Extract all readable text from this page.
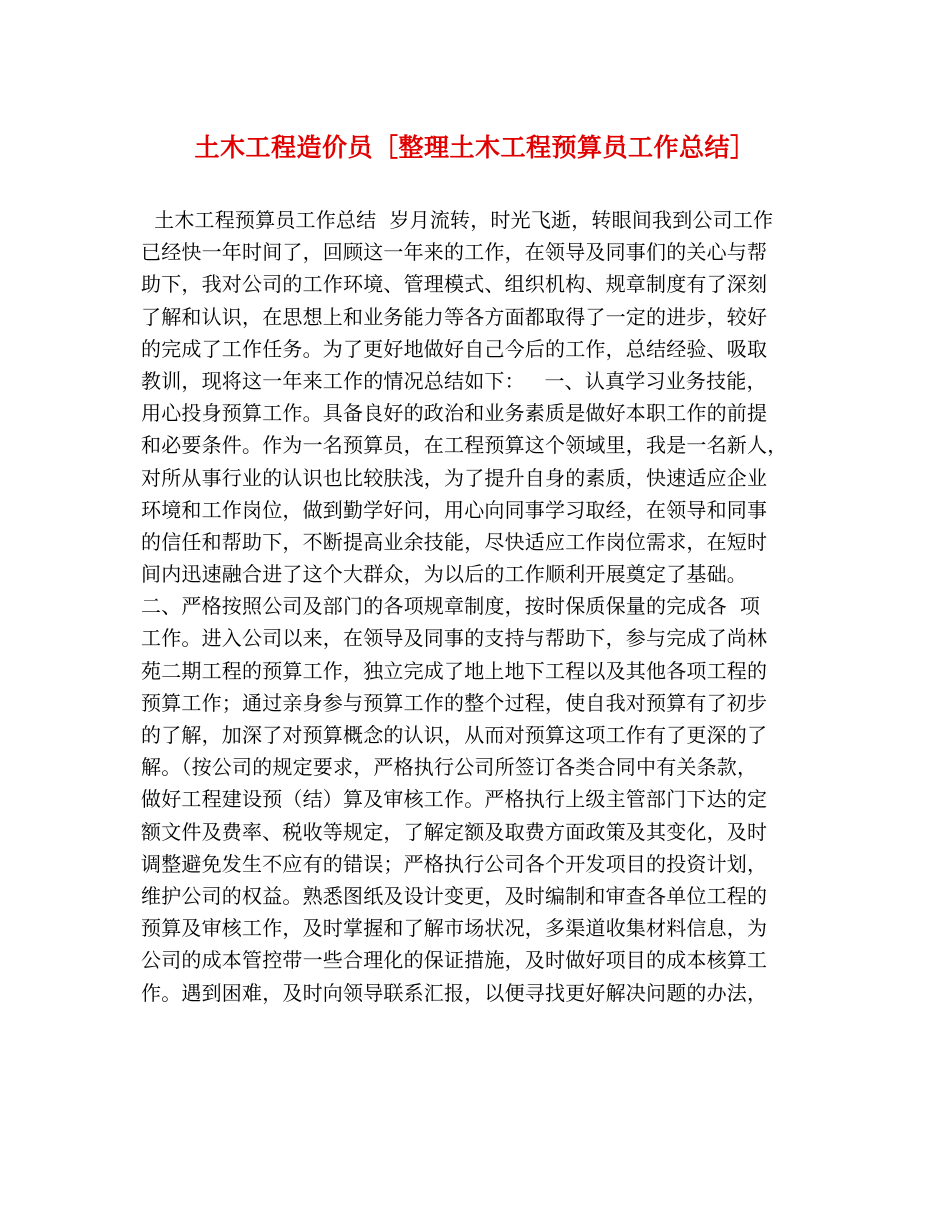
土木工程造价员［整理土木工程预算员工作总结］
土木工程预算员工作总结  岁月流转，时光飞逝，转眼间我到公司工作
已经快一年时间了，回顾这一年来的工作，在领导及同事们的关心与帮
助下，我对公司的工作环境、管理模式、组织机构、规章制度有了深刻
了解和认识，在思想上和业务能力等各方面都取得了一定的进步，较好
的完成了工作任务。为了更好地做好自己今后的工作，总结经验、吸取
教训，现将这一年来工作的情况总结如下：   一、认真学习业务技能，
用心投身预算工作。具备良好的政治和业务素质是做好本职工作的前提
和必要条件。作为一名预算员，在工程预算这个领域里，我是一名新人，
对所从事行业的认识也比较肤浅，为了提升自身的素质，快速适应企业
环境和工作岗位，做到勤学好问，用心向同事学习取经，在领导和同事
的信任和帮助下，不断提高业余技能，尽快适应工作岗位需求，在短时
间内迅速融合进了这个大群众，为以后的工作顺利开展奠定了基础。
二、严格按照公司及部门的各项规章制度，按时保质保量的完成各  项
工作。进入公司以来，在领导及同事的支持与帮助下，参与完成了尚林
苑二期工程的预算工作，独立完成了地上地下工程以及其他各项工程的
预算工作；通过亲身参与预算工作的整个过程，使自我对预算有了初步
的了解，加深了对预算概念的认识，从而对预算这项工作有了更深的了
解。（按公司的规定要求，严格执行公司所签订各类合同中有关条款，
做好工程建设预（结）算及审核工作。严格执行上级主管部门下达的定
额文件及费率、税收等规定，了解定额及取费方面政策及其变化，及时
调整避免发生不应有的错误；严格执行公司各个开发项目的投资计划，
维护公司的权益。熟悉图纸及设计变更，及时编制和审查各单位工程的
预算及审核工作，及时掌握和了解市场状况，多渠道收集材料信息，为
公司的成本管控带一些合理化的保证措施，及时做好项目的成本核算工
作。遇到困难，及时向领导联系汇报，以便寻找更好解决问题的办法，
